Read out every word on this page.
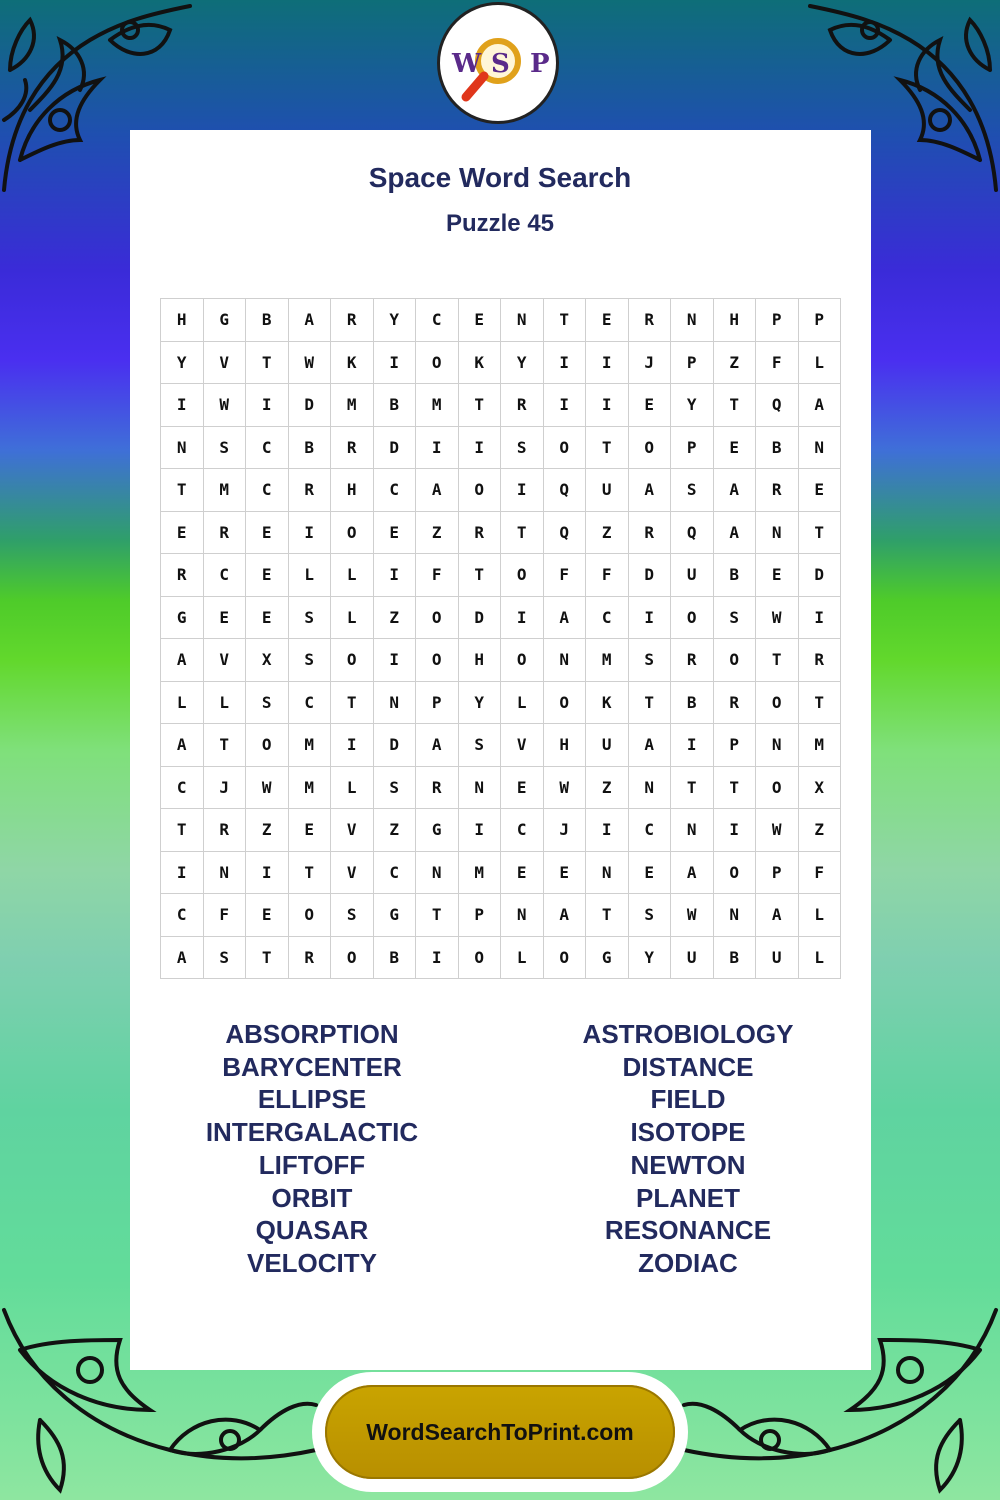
W S P
Space Word Search
Puzzle 45
H	G	B	A	R	Y	C	E	N	T	E	R	N	H	P	P
Y	V	T	W	K	I	O	K	Y	I	I	J	P	Z	F	L
I	W	I	D	M	B	M	T	R	I	I	E	Y	T	Q	A
N	S	C	B	R	D	I	I	S	O	T	O	P	E	B	N
T	M	C	R	H	C	A	O	I	Q	U	A	S	A	R	E
E	R	E	I	O	E	Z	R	T	Q	Z	R	Q	A	N	T
R	C	E	L	L	I	F	T	O	F	F	D	U	B	E	D
G	E	E	S	L	Z	O	D	I	A	C	I	O	S	W	I
A	V	X	S	O	I	O	H	O	N	M	S	R	O	T	R
L	L	S	C	T	N	P	Y	L	O	K	T	B	R	O	T
A	T	O	M	I	D	A	S	V	H	U	A	I	P	N	M
C	J	W	M	L	S	R	N	E	W	Z	N	T	T	O	X
T	R	Z	E	V	Z	G	I	C	J	I	C	N	I	W	Z
I	N	I	T	V	C	N	M	E	E	N	E	A	O	P	F
C	F	E	O	S	G	T	P	N	A	T	S	W	N	A	L
A	S	T	R	O	B	I	O	L	O	G	Y	U	B	U	L
ABSORPTION
BARYCENTER
ELLIPSE
INTERGALACTIC
LIFTOFF
ORBIT
QUASAR
VELOCITY
ASTROBIOLOGY
DISTANCE
FIELD
ISOTOPE
NEWTON
PLANET
RESONANCE
ZODIAC
WordSearchToPrint.com
